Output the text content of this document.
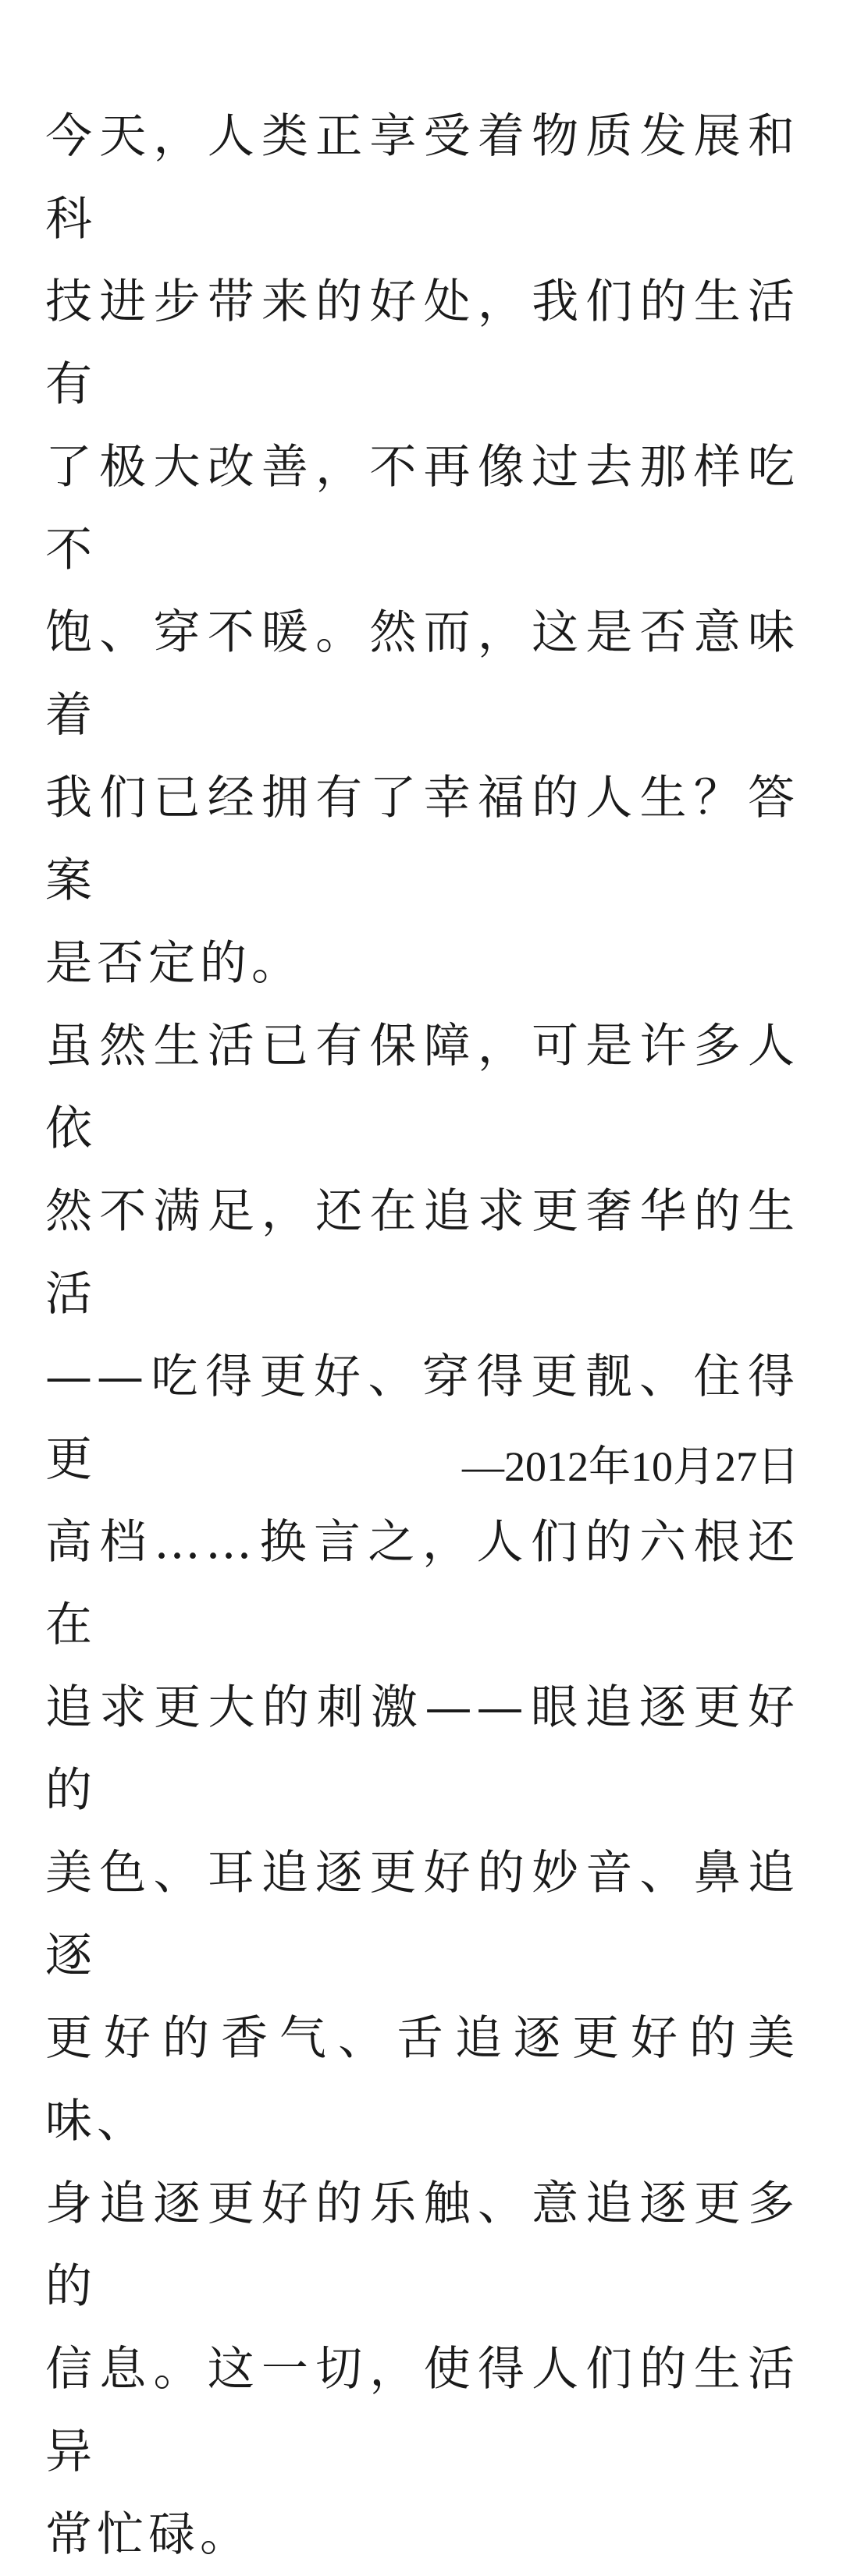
今天，人类正享受着物质发展和科
技进步带来的好处，我们的生活有
了极大改善，不再像过去那样吃不
饱、穿不暖。然而，这是否意味着
我们已经拥有了幸福的人生？答案
是否定的。
虽然生活已有保障，可是许多人依
然不满足，还在追求更奢华的生活
——吃得更好、穿得更靓、住得更
高档……换言之，人们的六根还在
追求更大的刺激——眼追逐更好的
美色、耳追逐更好的妙音、鼻追逐
更好的香气、舌追逐更好的美味、
身追逐更好的乐触、意追逐更多的
信息。这一切，使得人们的生活异
常忙碌。
—2012年10月27日
